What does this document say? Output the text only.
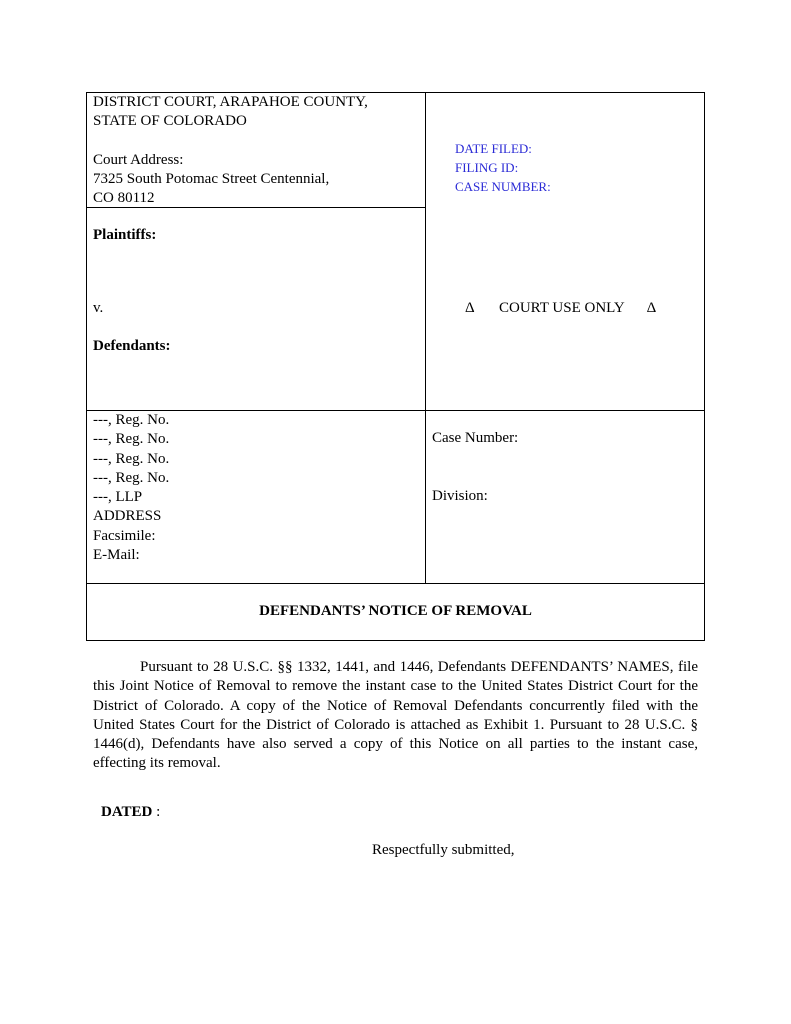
DISTRICT COURT, ARAPAHOE COUNTY,
STATE OF COLORADO
Court Address:
7325 South Potomac Street Centennial,
CO 80112
DATE FILED:
FILING ID:
CASE NUMBER:
Plaintiffs:
v.
Defendants:
Δ COURT USE ONLY Δ
---, Reg. No.
---, Reg. No.
---, Reg. No.
---, Reg. No.
---, LLP
ADDRESS
Facsimile:
E-Mail:
Case Number:
Division:
DEFENDANTS’ NOTICE OF REMOVAL
Pursuant to 28 U.S.C. §§ 1332, 1441, and 1446, Defendants DEFENDANTS’ NAMES, file this Joint Notice of Removal to remove the instant case to the United States District Court for the District of Colorado. A copy of the Notice of Removal Defendants concurrently filed with the United States Court for the District of Colorado is attached as Exhibit 1. Pursuant to 28 U.S.C. § 1446(d), Defendants have also served a copy of this Notice on all parties to the instant case, effecting its removal.
DATED :
Respectfully submitted,
